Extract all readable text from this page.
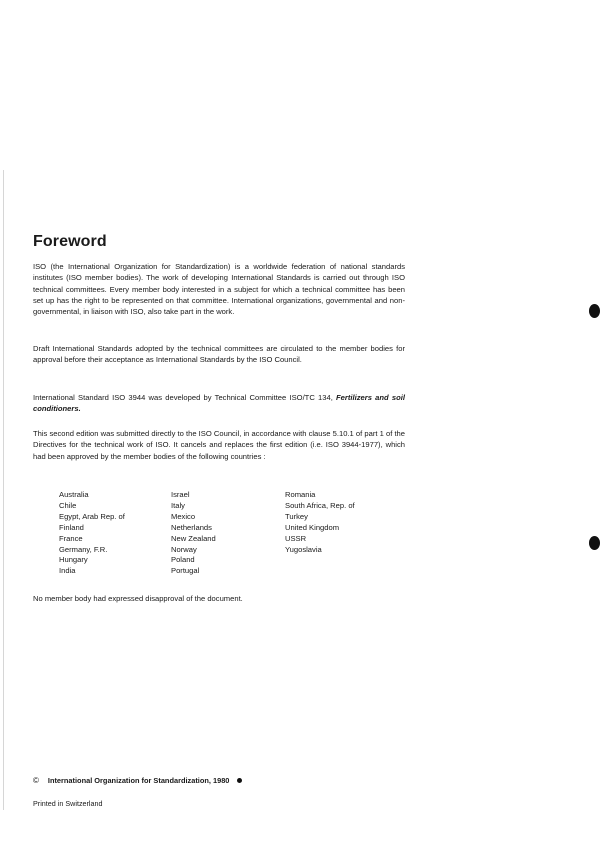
Foreword

ISO (the International Organization for Standardization) is a worldwide federation of national standards institutes (ISO member bodies). The work of developing International Standards is carried out through ISO technical committees. Every member body interested in a subject for which a technical committee has been set up has the right to be represented on that committee. International organizations, governmental and non-governmental, in liaison with ISO, also take part in the work.

Draft International Standards adopted by the technical committees are circulated to the member bodies for approval before their acceptance as International Standards by the ISO Council.

International Standard ISO 3944 was developed by Technical Committee ISO/TC 134, Fertilizers and soil conditioners.

This second edition was submitted directly to the ISO Council, in accordance with clause 5.10.1 of part 1 of the Directives for the technical work of ISO. It cancels and replaces the first edition (i.e. ISO 3944-1977), which had been approved by the member bodies of the following countries :

Australia
Chile
Egypt, Arab Rep. of
Finland
France
Germany, F.R.
Hungary
India
Israel
Italy
Mexico
Netherlands
New Zealand
Norway
Poland
Portugal
Romania
South Africa, Rep. of
Turkey
United Kingdom
USSR
Yugoslavia

No member body had expressed disapproval of the document.

© International Organization for Standardization, 1980

Printed in Switzerland
